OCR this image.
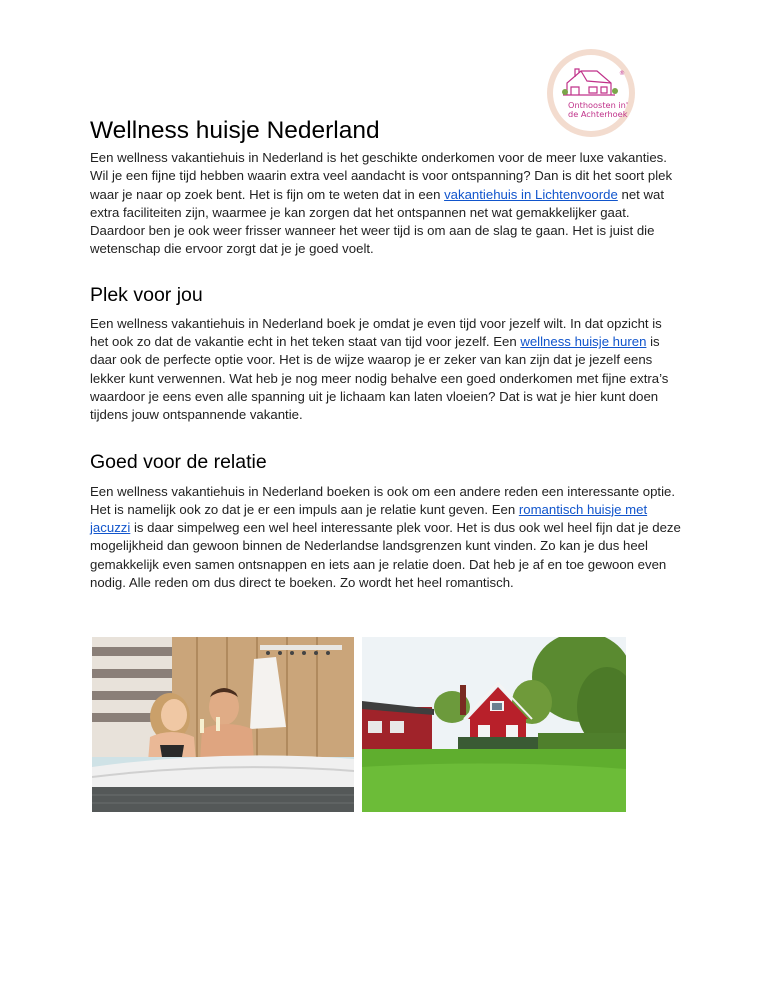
®
Onthoosten in'
de Achterhoek
Wellness huisje Nederland

Een wellness vakantiehuis in Nederland is het geschikte onderkomen voor de meer luxe vakanties. Wil je een fijne tijd hebben waarin extra veel aandacht is voor ontspanning? Dan is dit het soort plek waar je naar op zoek bent. Het is fijn om te weten dat in een vakantiehuis in Lichtenvoorde net wat extra faciliteiten zijn, waarmee je kan zorgen dat het ontspannen net wat gemakkelijker gaat. Daardoor ben je ook weer frisser wanneer het weer tijd is om aan de slag te gaan. Het is juist die wetenschap die ervoor zorgt dat je je goed voelt.

Plek voor jou

Een wellness vakantiehuis in Nederland boek je omdat je even tijd voor jezelf wilt. In dat opzicht is het ook zo dat de vakantie echt in het teken staat van tijd voor jezelf. Een wellness huisje huren is daar ook de perfecte optie voor. Het is de wijze waarop je er zeker van kan zijn dat je jezelf eens lekker kunt verwennen. Wat heb je nog meer nodig behalve een goed onderkomen met fijne extra’s waardoor je eens even alle spanning uit je lichaam kan laten vloeien? Dat is wat je hier kunt doen tijdens jouw ontspannende vakantie.

Goed voor de relatie

Een wellness vakantiehuis in Nederland boeken is ook om een andere reden een interessante optie. Het is namelijk ook zo dat je er een impuls aan je relatie kunt geven. Een romantisch huisje met jacuzzi is daar simpelweg een wel heel interessante plek voor. Het is dus ook wel heel fijn dat je deze mogelijkheid dan gewoon binnen de Nederlandse landsgrenzen kunt vinden. Zo kan je dus heel gemakkelijk even samen ontsnappen en iets aan je relatie doen. Dat heb je af en toe gewoon even nodig. Alle reden om dus direct te boeken. Zo wordt het heel romantisch.
